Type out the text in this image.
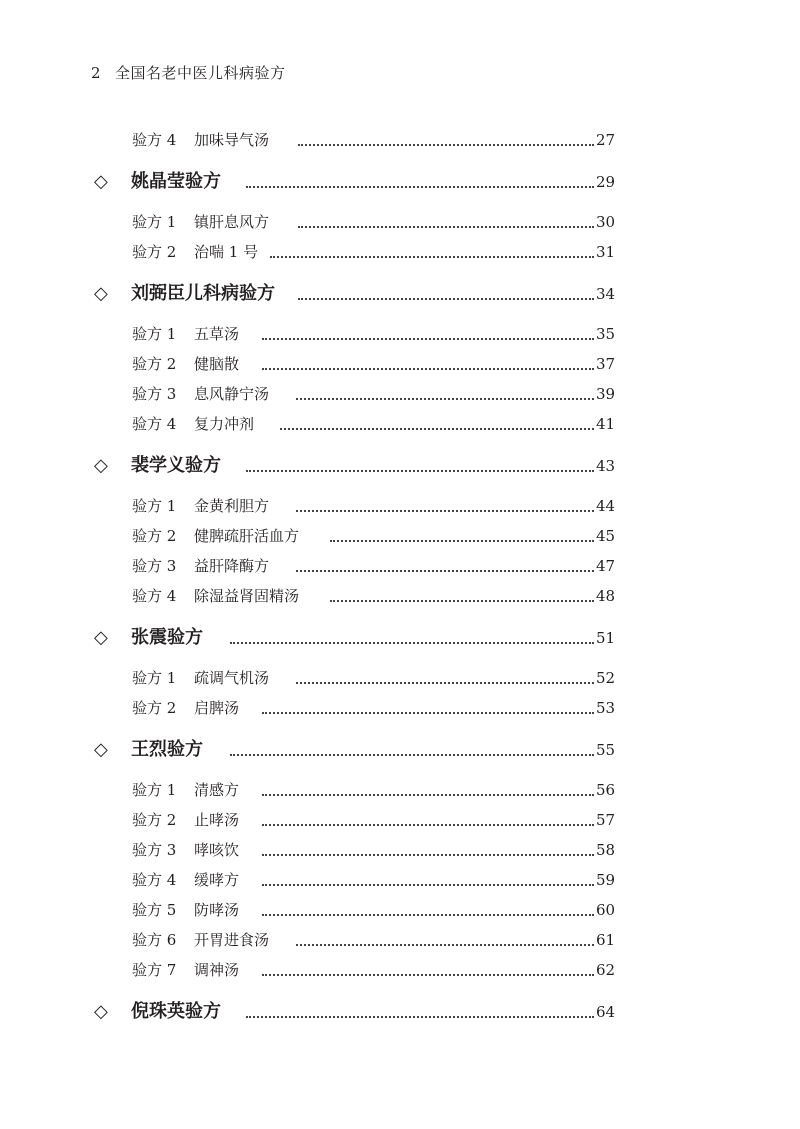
2 全国名老中医儿科病验方
验方 4 加味导气汤	27
◇ 姚晶莹验方	29
验方 1 镇肝息风方	30
验方 2 治喘 1 号	31
◇ 刘弼臣儿科病验方	34
验方 1 五草汤	35
验方 2 健脑散	37
验方 3 息风静宁汤	39
验方 4 复力冲剂	41
◇ 裴学义验方	43
验方 1 金黄利胆方	44
验方 2 健脾疏肝活血方	45
验方 3 益肝降酶方	47
验方 4 除湿益肾固精汤	48
◇ 张震验方	51
验方 1 疏调气机汤	52
验方 2 启脾汤	53
◇ 王烈验方	55
验方 1 清感方	56
验方 2 止哮汤	57
验方 3 哮咳饮	58
验方 4 缓哮方	59
验方 5 防哮汤	60
验方 6 开胃进食汤	61
验方 7 调神汤	62
◇ 倪珠英验方	64
